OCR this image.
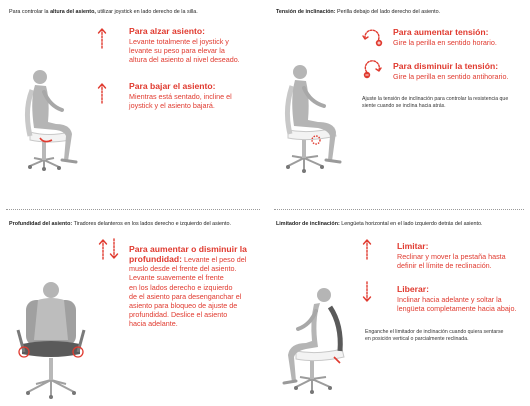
Para controlar la altura del asiento, utilizar joystick en lado derecho de la silla.
Para alzar asiento:
Levante totalmente el joystick y
levante su peso para elevar la
altura del asiento al nivel deseado.
Para bajar el asiento:
Mientras está sentado, incline el
joystick y el asiento bajará.
Tensión de inclinación: Perilla debajo del lado derecho del asiento.
Para aumentar tensión:
Gire la perilla en sentido horario.
Para disminuir la tensión:
Gire la perilla en sentido antihorario.
Ajuste la tensión de inclinación para controlar la resistencia que
siente cuando se inclina hacia atrás.
Profundidad del asiento: Tiradores delanteros en los lados derecho e izquierdo del asiento.
Para aumentar o disminuir la
profundidad: Levante el peso del
muslo desde el frente del asiento.
Levante suavemente el frente
en los lados derecho e izquierdo
de el asiento para desenganchar el
asiento para bloqueo de ajuste de
profundidad. Deslice el asiento
hacia adelante.
Limitador de inclinación: Lengüeta horizontal en el lado izquierdo detrás del asiento.
Limitar:
Reclinar y mover la pestaña hasta
definir el límite de reclinación.
Liberar:
Inclinar hacia adelante y soltar la
lengüeta completamente hacia abajo.
Enganche el limitador de inclinación cuando quiera sentarse
en posición vertical o parcialmente reclinada.
